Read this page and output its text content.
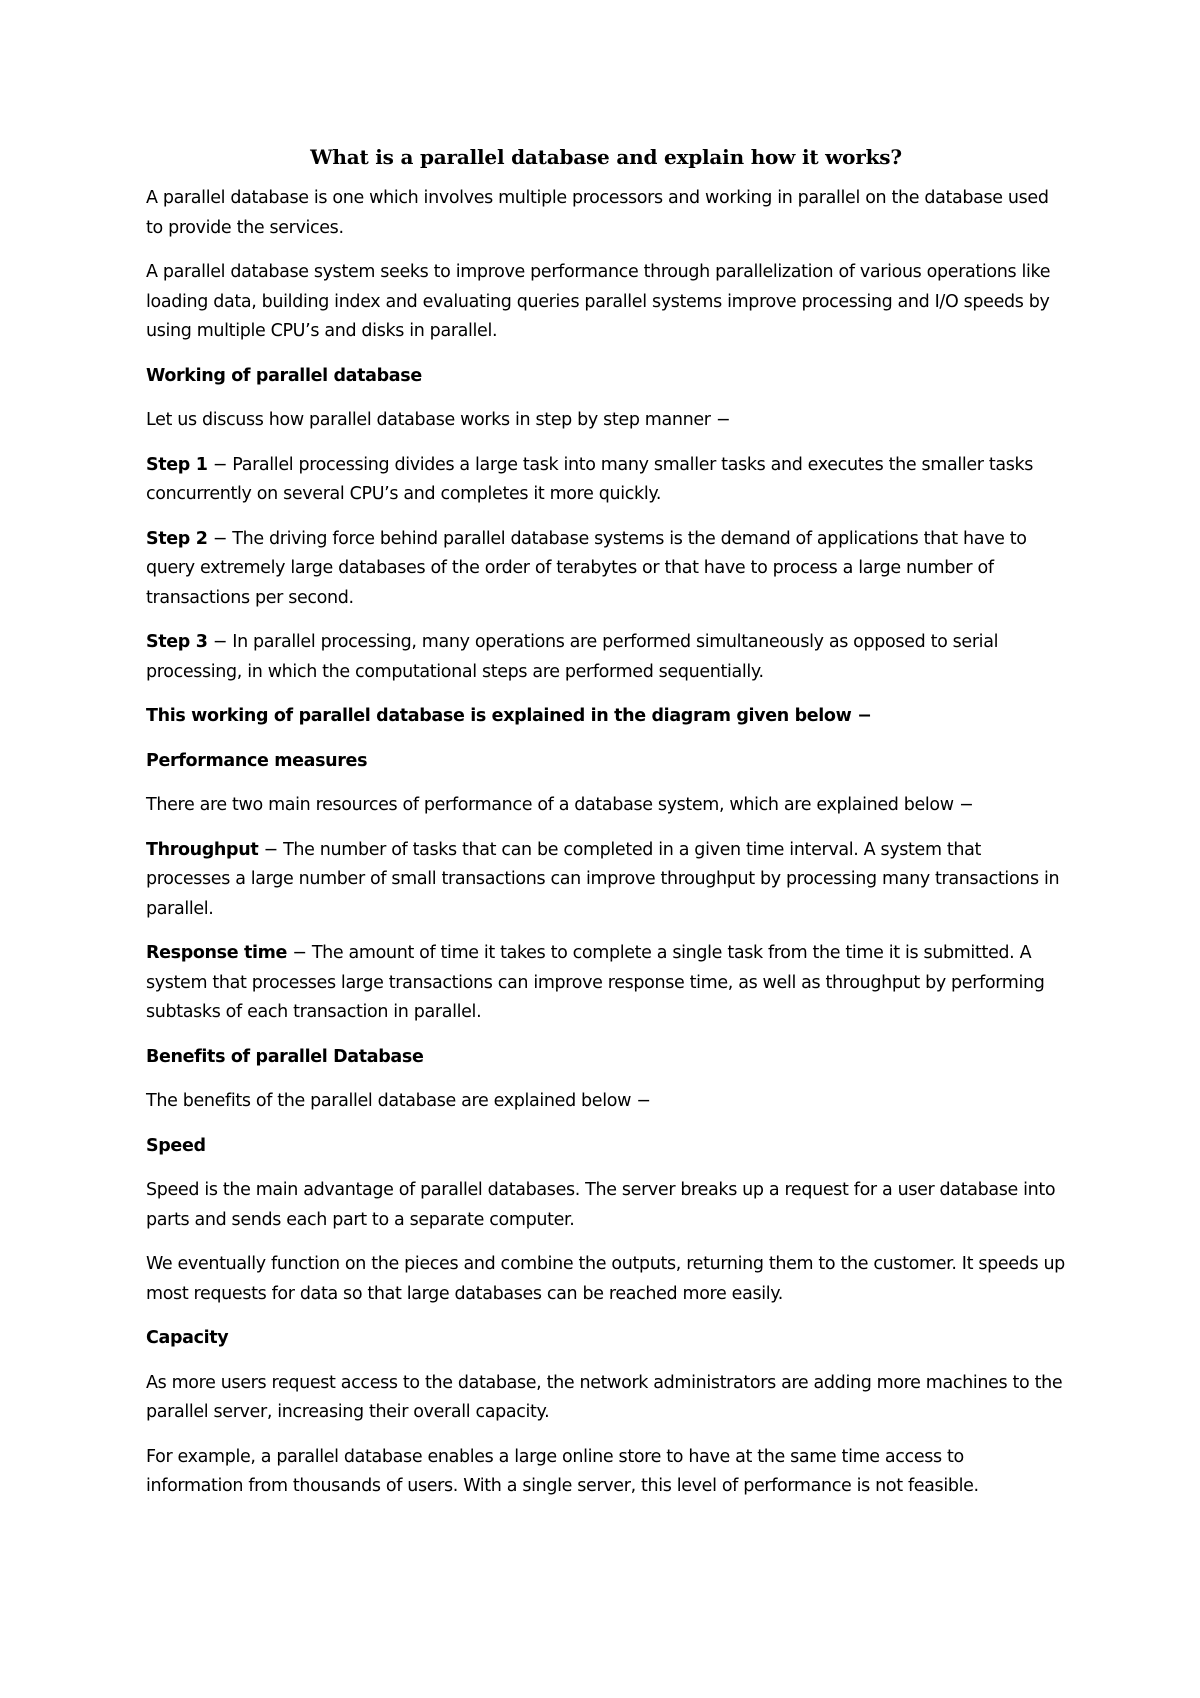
What is a parallel database and explain how it works?

A parallel database is one which involves multiple processors and working in parallel on the database used to provide the services.

A parallel database system seeks to improve performance through parallelization of various operations like loading data, building index and evaluating queries parallel systems improve processing and I/O speeds by using multiple CPU’s and disks in parallel.

Working of parallel database

Let us discuss how parallel database works in step by step manner −

Step 1 − Parallel processing divides a large task into many smaller tasks and executes the smaller tasks concurrently on several CPU’s and completes it more quickly.

Step 2 − The driving force behind parallel database systems is the demand of applications that have to query extremely large databases of the order of terabytes or that have to process a large number of transactions per second.

Step 3 − In parallel processing, many operations are performed simultaneously as opposed to serial processing, in which the computational steps are performed sequentially.

This working of parallel database is explained in the diagram given below −
Performance measures

There are two main resources of performance of a database system, which are explained below −

Throughput − The number of tasks that can be completed in a given time interval. A system that processes a large number of small transactions can improve throughput by processing many transactions in parallel.

Response time − The amount of time it takes to complete a single task from the time it is submitted. A system that processes large transactions can improve response time, as well as throughput by performing subtasks of each transaction in parallel.

Benefits of parallel Database

The benefits of the parallel database are explained below −

Speed

Speed is the main advantage of parallel databases. The server breaks up a request for a user database into parts and sends each part to a separate computer.

We eventually function on the pieces and combine the outputs, returning them to the customer. It speeds up most requests for data so that large databases can be reached more easily.

Capacity

As more users request access to the database, the network administrators are adding more machines to the parallel server, increasing their overall capacity.

For example, a parallel database enables a large online store to have at the same time access to information from thousands of users. With a single server, this level of performance is not feasible.
